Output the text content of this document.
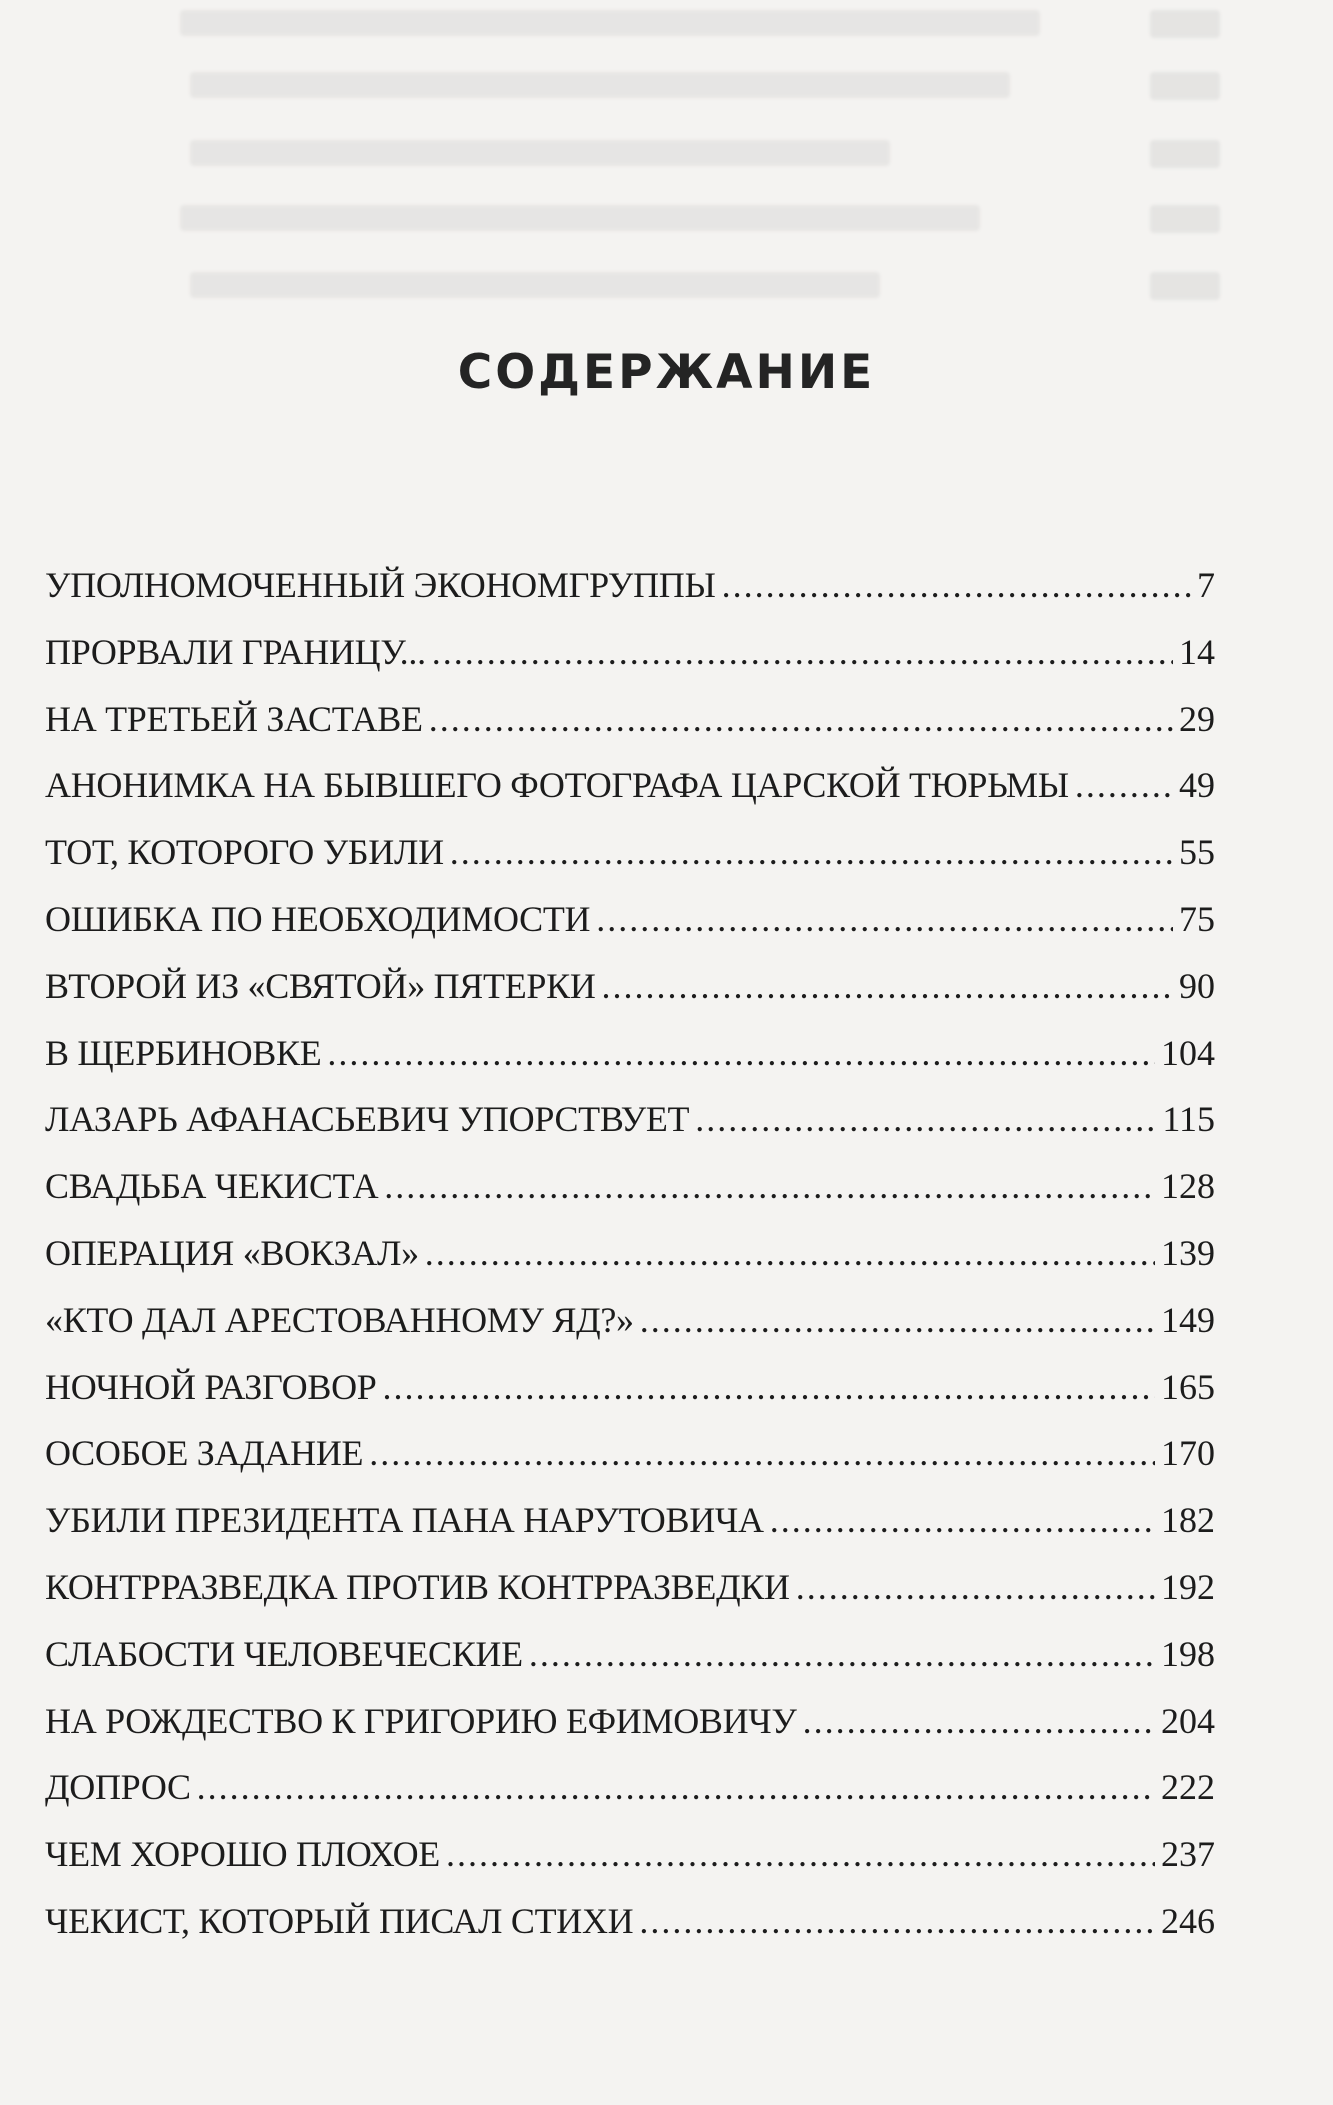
СОДЕРЖАНИЕ
УПОЛНОМОЧЕННЫЙ ЭКОНОМГРУППЫ .....	7
ПРОРВАЛИ ГРАНИЦУ... .....	14
НА ТРЕТЬЕЙ ЗАСТАВЕ .....	29
АНОНИМКА НА БЫВШЕГО ФОТОГРАФА ЦАРСКОЙ ТЮРЬМЫ .....	49
ТОТ, КОТОРОГО УБИЛИ .....	55
ОШИБКА ПО НЕОБХОДИМОСТИ .....	75
ВТОРОЙ ИЗ «СВЯТОЙ» ПЯТЕРКИ .....	90
В ЩЕРБИНОВКЕ .....	104
ЛАЗАРЬ АФАНАСЬЕВИЧ УПОРСТВУЕТ .....	115
СВАДЬБА ЧЕКИСТА .....	128
ОПЕРАЦИЯ «ВОКЗАЛ» .....	139
«КТО ДАЛ АРЕСТОВАННОМУ ЯД?» .....	149
НОЧНОЙ РАЗГОВОР .....	165
ОСОБОЕ ЗАДАНИЕ .....	170
УБИЛИ ПРЕЗИДЕНТА ПАНА НАРУТОВИЧА .....	182
КОНТРРАЗВЕДКА ПРОТИВ КОНТРРАЗВЕДКИ .....	192
СЛАБОСТИ ЧЕЛОВЕЧЕСКИЕ .....	198
НА РОЖДЕСТВО К ГРИГОРИЮ ЕФИМОВИЧУ .....	204
ДОПРОС .....	222
ЧЕМ ХОРОШО ПЛОХОЕ .....	237
ЧЕКИСТ, КОТОРЫЙ ПИСАЛ СТИХИ .....	246
